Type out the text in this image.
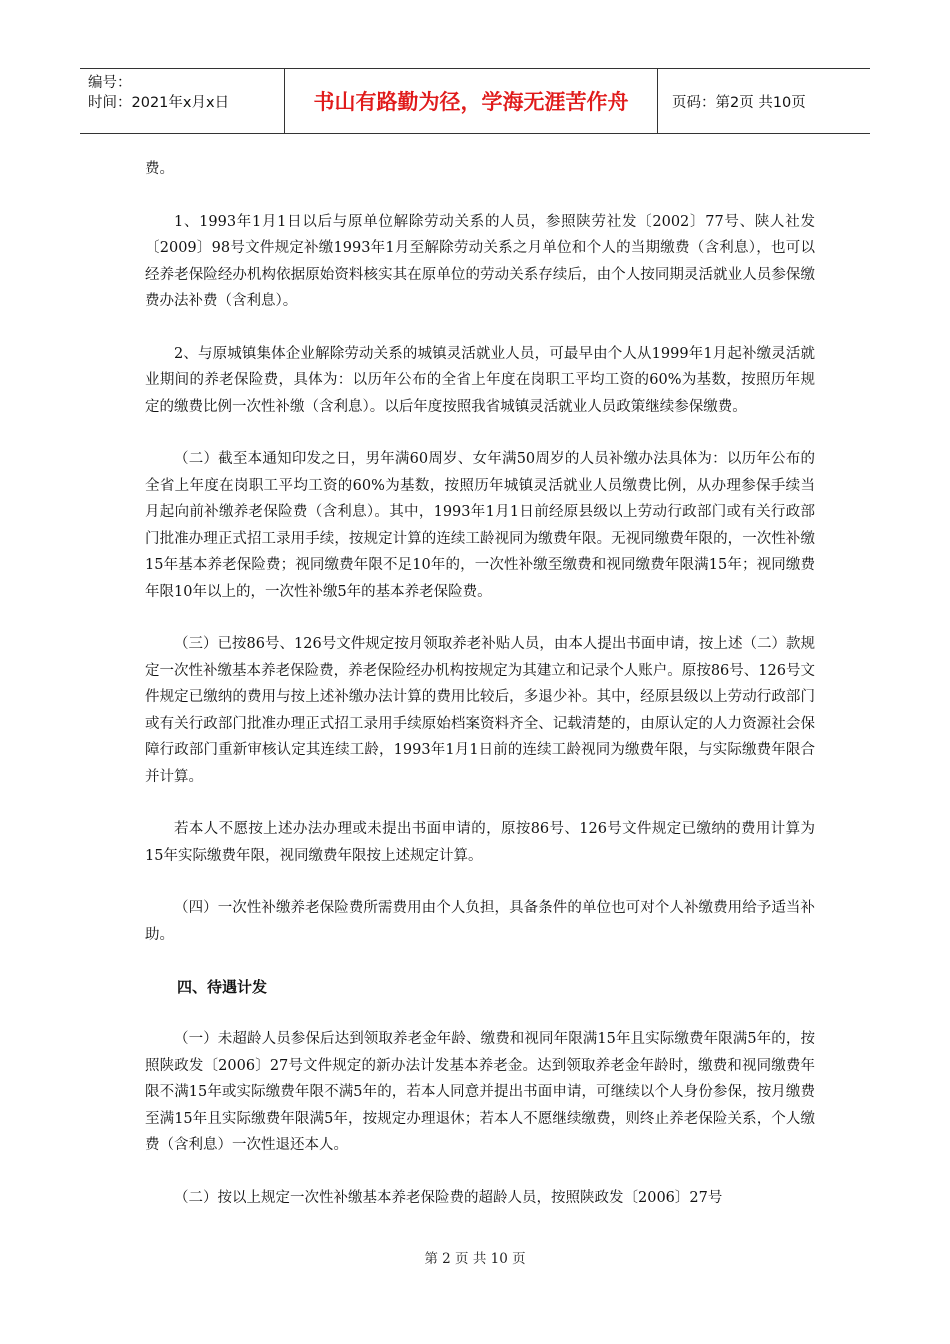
编号：
时间：2021年x月x日	书山有路勤为径，学海无涯苦作舟	页码：第2页 共10页

费。

1、1993年1月1日以后与原单位解除劳动关系的人员，参照陕劳社发〔2002〕77号、陕人社发〔2009〕98号文件规定补缴1993年1月至解除劳动关系之月单位和个人的当期缴费（含利息），也可以经养老保险经办机构依据原始资料核实其在原单位的劳动关系存续后，由个人按同期灵活就业人员参保缴费办法补费（含利息）。

2、与原城镇集体企业解除劳动关系的城镇灵活就业人员，可最早由个人从1999年1月起补缴灵活就业期间的养老保险费，具体为：以历年公布的全省上年度在岗职工平均工资的60%为基数，按照历年规定的缴费比例一次性补缴（含利息）。以后年度按照我省城镇灵活就业人员政策继续参保缴费。

（二）截至本通知印发之日，男年满60周岁、女年满50周岁的人员补缴办法具体为：以历年公布的全省上年度在岗职工平均工资的60%为基数，按照历年城镇灵活就业人员缴费比例，从办理参保手续当月起向前补缴养老保险费（含利息）。其中，1993年1月1日前经原县级以上劳动行政部门或有关行政部门批准办理正式招工录用手续，按规定计算的连续工龄视同为缴费年限。无视同缴费年限的，一次性补缴15年基本养老保险费；视同缴费年限不足10年的，一次性补缴至缴费和视同缴费年限满15年；视同缴费年限10年以上的，一次性补缴5年的基本养老保险费。

（三）已按86号、126号文件规定按月领取养老补贴人员，由本人提出书面申请，按上述（二）款规定一次性补缴基本养老保险费，养老保险经办机构按规定为其建立和记录个人账户。原按86号、126号文件规定已缴纳的费用与按上述补缴办法计算的费用比较后，多退少补。其中，经原县级以上劳动行政部门或有关行政部门批准办理正式招工录用手续原始档案资料齐全、记载清楚的，由原认定的人力资源社会保障行政部门重新审核认定其连续工龄，1993年1月1日前的连续工龄视同为缴费年限，与实际缴费年限合并计算。

若本人不愿按上述办法办理或未提出书面申请的，原按86号、126号文件规定已缴纳的费用计算为15年实际缴费年限，视同缴费年限按上述规定计算。

（四）一次性补缴养老保险费所需费用由个人负担，具备条件的单位也可对个人补缴费用给予适当补助。

四、待遇计发

（一）未超龄人员参保后达到领取养老金年龄、缴费和视同年限满15年且实际缴费年限满5年的，按照陕政发〔2006〕27号文件规定的新办法计发基本养老金。达到领取养老金年龄时，缴费和视同缴费年限不满15年或实际缴费年限不满5年的，若本人同意并提出书面申请，可继续以个人身份参保，按月缴费 至满15年且实际缴费年限满5年，按规定办理退休；若本人不愿继续缴费，则终止养老保险关系，个人缴费（含利息）一次性退还本人。

（二）按以上规定一次性补缴基本养老保险费的超龄人员，按照陕政发〔2006〕27号

第 2 页 共 10 页
